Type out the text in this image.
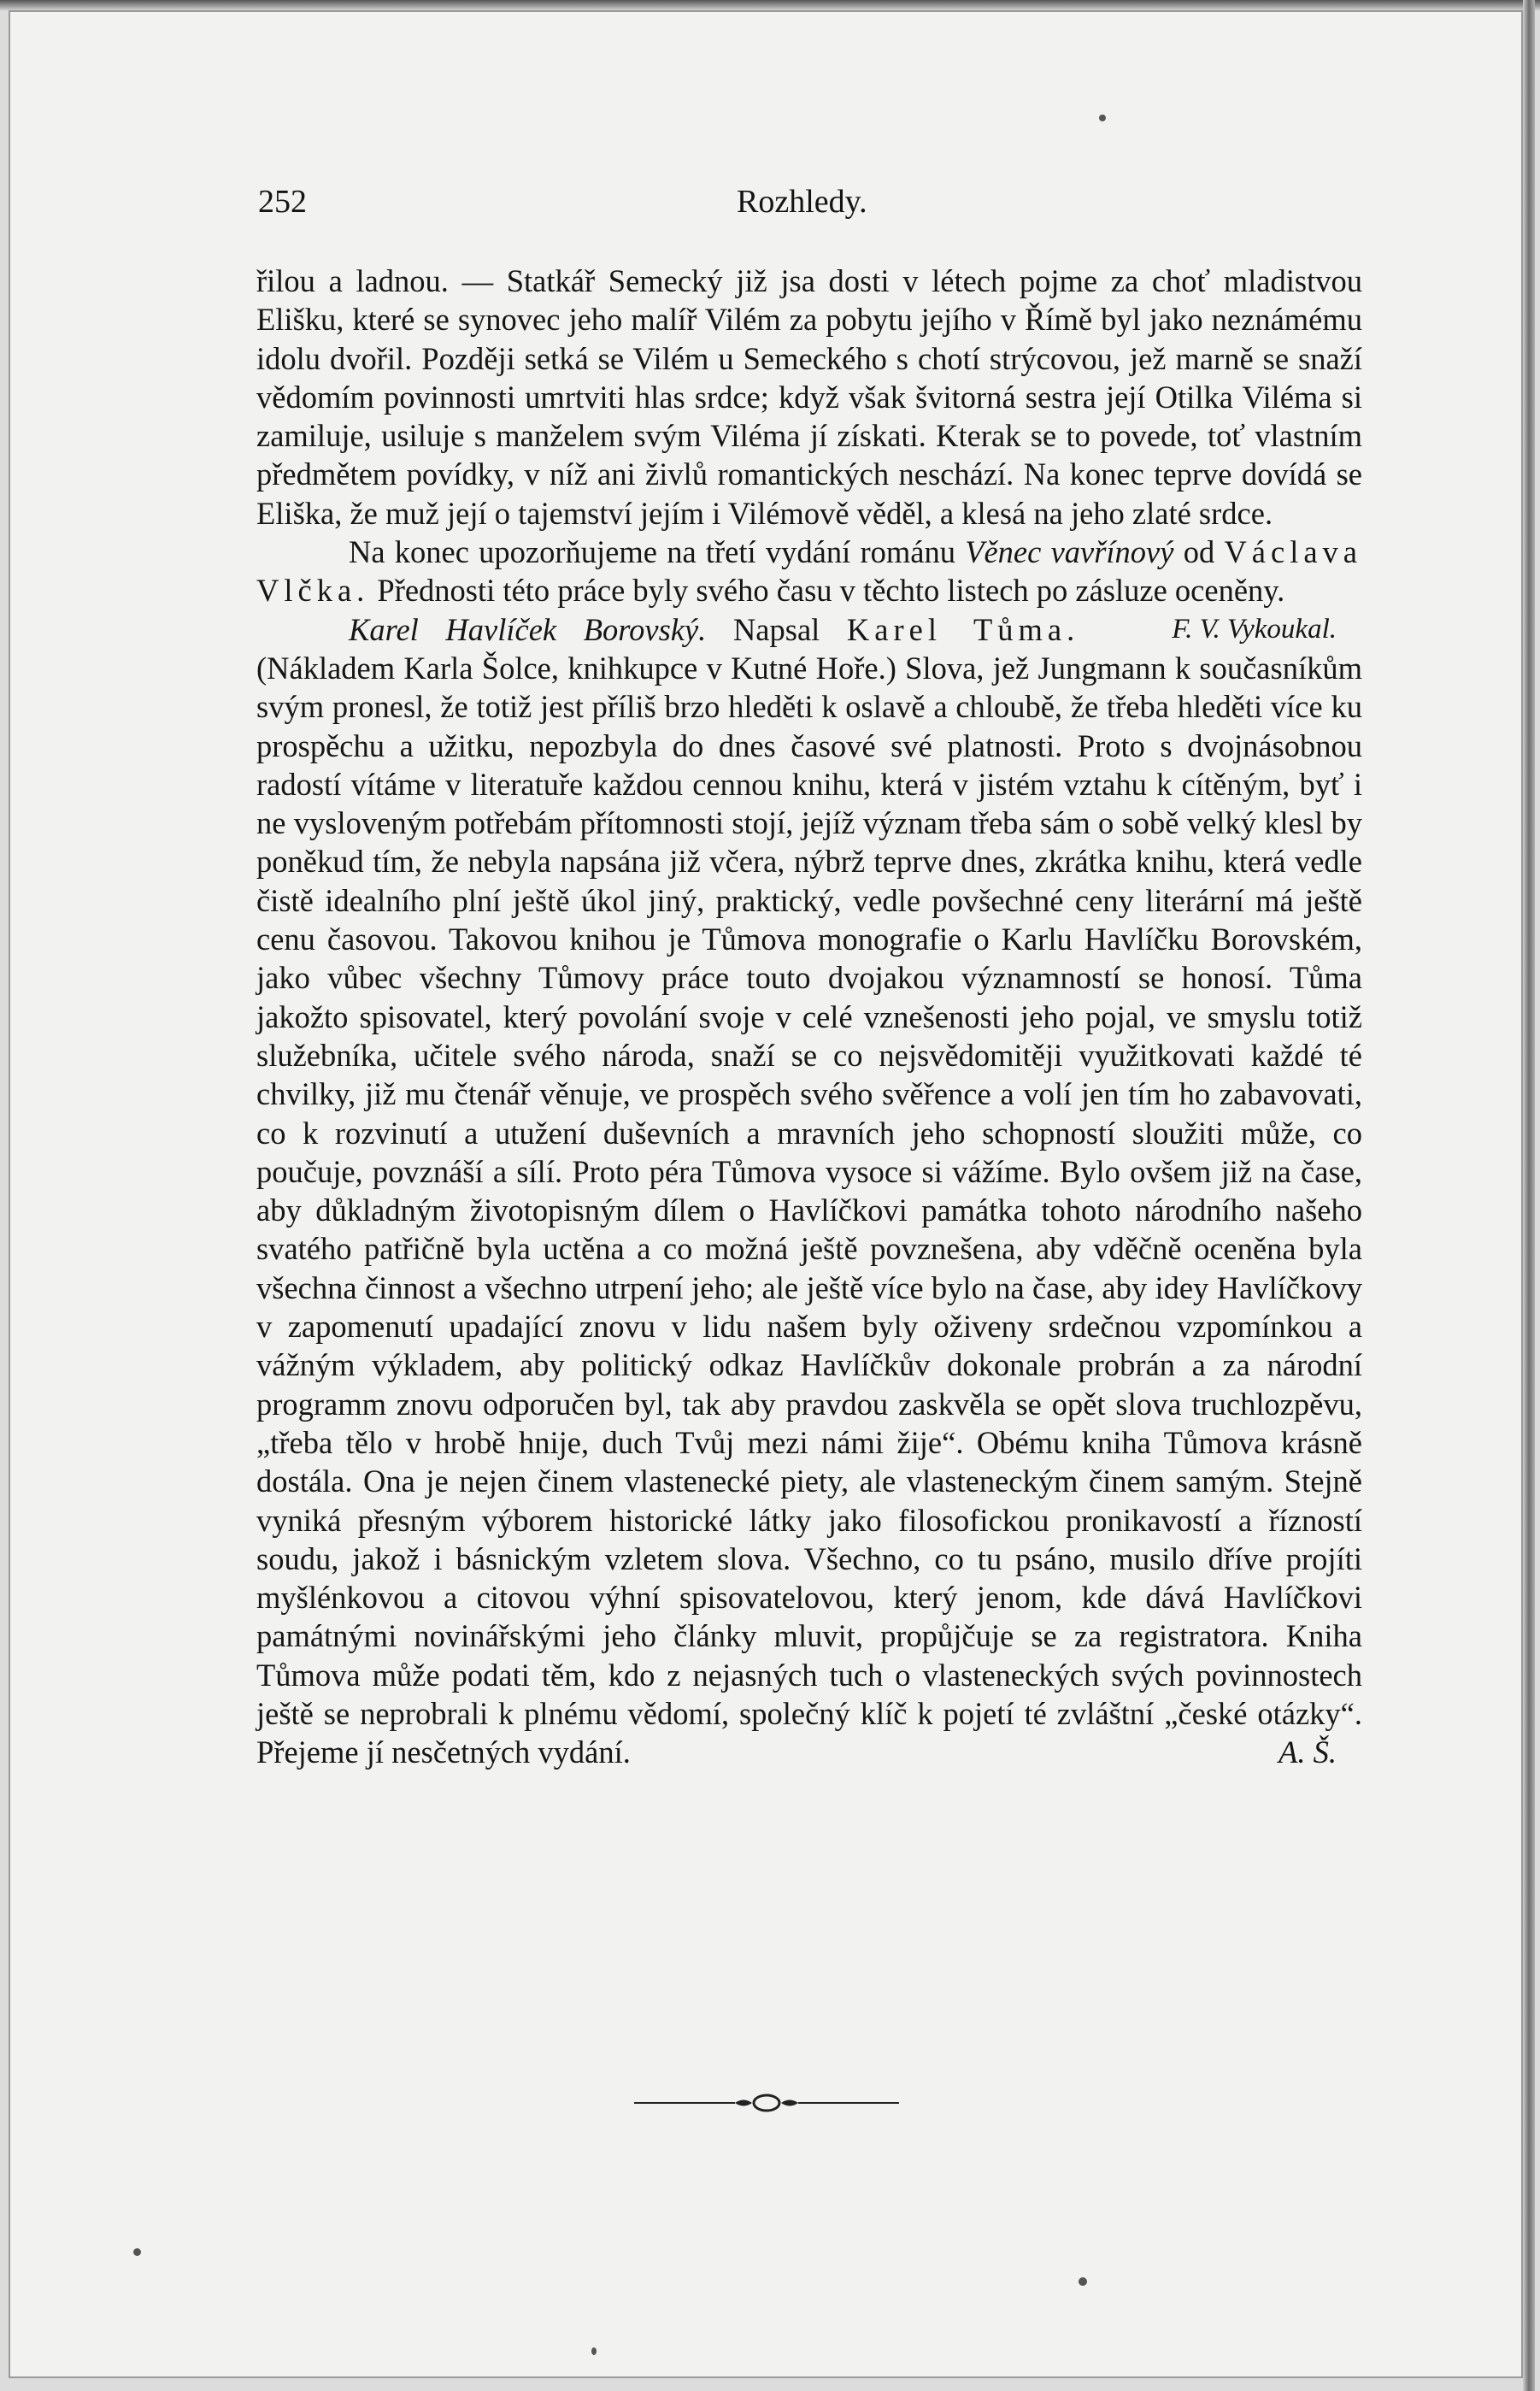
252	Rozhledy.

řilou a ladnou. — Statkář Semecký již jsa dosti v létech pojme za choť mladistvou Elišku, které se synovec jeho malíř Vilém za pobytu jejího v Římě byl jako neznámému idolu dvořil. Později setká se Vilém u Semeckého s chotí strýcovou, jež marně se snaží vědomím povinnosti umrtviti hlas srdce; když však švitorná sestra její Otilka Viléma si zamiluje, usiluje s manželem svým Viléma jí získati. Kterak se to povede, toť vlastním předmětem povídky, v níž ani živlů romantických neschází. Na konec teprve dovídá se Eliška, že muž její o tajemství jejím i Vilémově věděl, a klesá na jeho zlaté srdce.

Na konec upozorňujeme na třetí vydání románu Věnec vavřínový od Václava Vlčka. Přednosti této práce byly svého času v těchto listech po zásluze oceněny.
F. V. Vykoukal.

Karel Havlíček Borovský. Napsal Karel Tůma. (Nákladem Karla Šolce, knihkupce v Kutné Hoře.) Slova, jež Jungmann k současníkům svým pronesl, že totiž jest příliš brzo hleděti k oslavě a chloubě, že třeba hleděti více ku prospěchu a užitku, nepozbyla do dnes časové své platnosti. Proto s dvojnásobnou radostí vítáme v literatuře každou cennou knihu, která v jistém vztahu k cítěným, byť i ne vysloveným potřebám přítomnosti stojí, jejíž význam třeba sám o sobě velký klesl by poněkud tím, že nebyla napsána již včera, nýbrž teprve dnes, zkrátka knihu, která vedle čistě idealního plní ještě úkol jiný, praktický, vedle povšechné ceny literární má ještě cenu časovou. Takovou knihou je Tůmova monografie o Karlu Havlíčku Borovském, jako vůbec všechny Tůmovy práce touto dvojakou významností se honosí. Tůma jakožto spisovatel, který povolání svoje v celé vznešenosti jeho pojal, ve smyslu totiž služebníka, učitele svého národa, snaží se co nejsvědomitěji využitkovati každé té chvilky, již mu čtenář věnuje, ve prospěch svého svěřence a volí jen tím ho zabavovati, co k rozvinutí a utužení duševních a mravních jeho schopností sloužiti může, co poučuje, povznáší a sílí. Proto péra Tůmova vysoce si vážíme. Bylo ovšem již na čase, aby důkladným životopisným dílem o Havlíčkovi památka tohoto národního našeho svatého patřičně byla uctěna a co možná ještě povznešena, aby vděčně oceněna byla všechna činnost a všechno utrpení jeho; ale ještě více bylo na čase, aby idey Havlíčkovy v zapomenutí upadající znovu v lidu našem byly oživeny srdečnou vzpomínkou a vážným výkladem, aby politický odkaz Havlíčkův dokonale probrán a za národní programm znovu odporučen byl, tak aby pravdou zaskvěla se opět slova truchlozpěvu, „třeba tělo v hrobě hnije, duch Tvůj mezi námi žije“. Obému kniha Tůmova krásně dostála. Ona je nejen činem vlastenecké piety, ale vlasteneckým činem samým. Stejně vyniká přesným výborem historické látky jako filosofickou pronikavostí a řízností soudu, jakož i básnickým vzletem slova. Všechno, co tu psáno, musilo dříve projíti myšlénkovou a citovou výhní spisovatelovou, který jenom, kde dává Havlíčkovi památnými novinářskými jeho články mluvit, propůjčuje se za registratora. Kniha Tůmova může podati těm, kdo z nejasných tuch o vlasteneckých svých povinnostech ještě se neprobrali k plnému vědomí, společný klíč k pojetí té zvláštní „české otázky“. Přejeme jí nesčetných vydání.	A. Š.
